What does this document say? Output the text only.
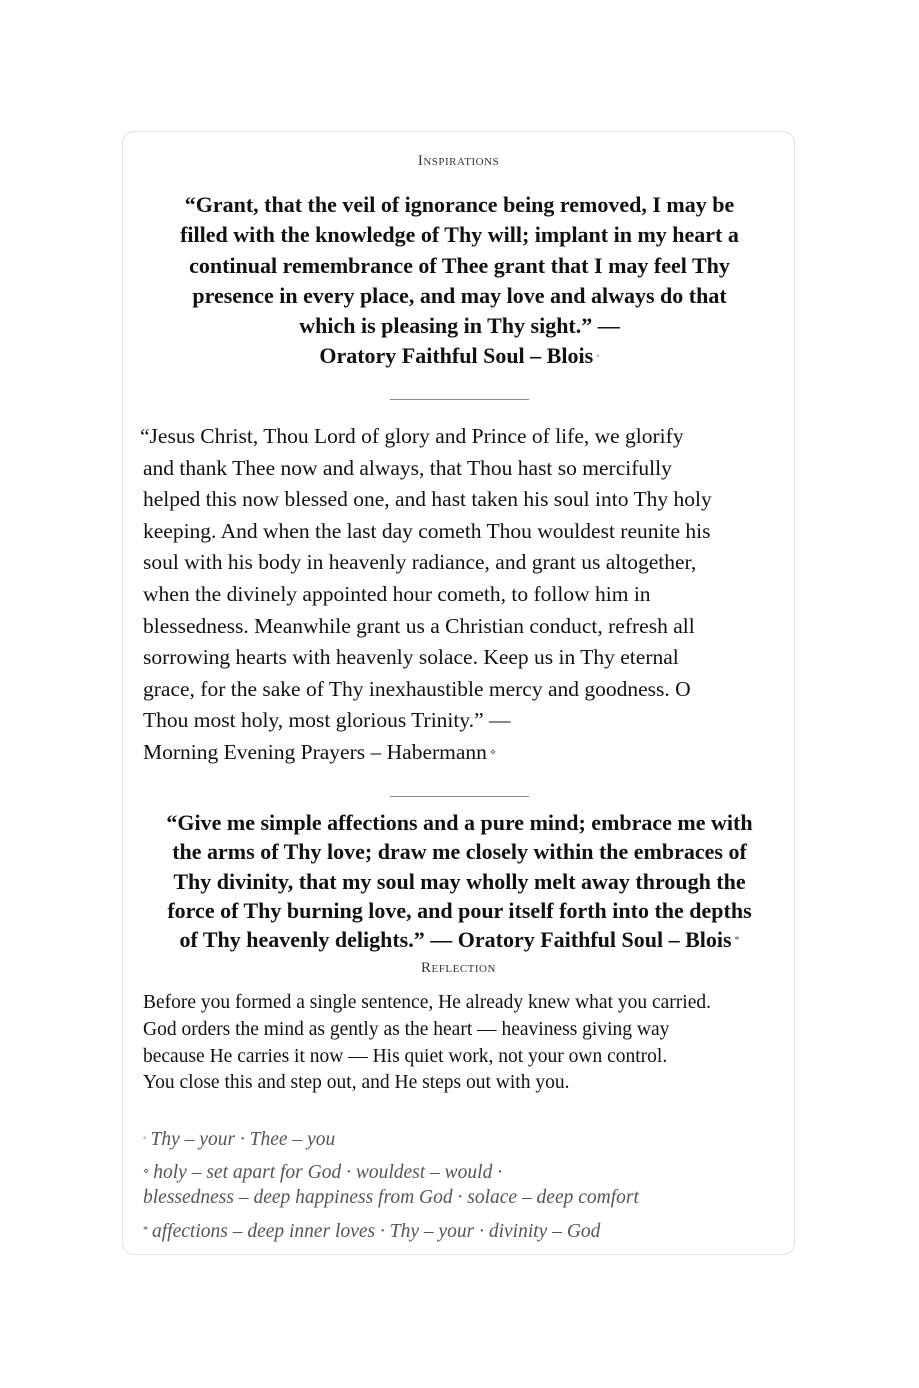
Inspirations
“Grant, that the veil of ignorance being removed, I may be
filled with the knowledge of Thy will; implant in my heart a
continual remembrance of Thee grant that I may feel Thy
presence in every place, and may love and always do that
which is pleasing in Thy sight.” —
Oratory Faithful Soul – Blois ◦
“Jesus Christ, Thou Lord of glory and Prince of life, we glorify
and thank Thee now and always, that Thou hast so mercifully
helped this now blessed one, and hast taken his soul into Thy holy
keeping. And when the last day cometh Thou wouldest reunite his
soul with his body in heavenly radiance, and grant us altogether,
when the divinely appointed hour cometh, to follow him in
blessedness. Meanwhile grant us a Christian conduct, refresh all
sorrowing hearts with heavenly solace. Keep us in Thy eternal
grace, for the sake of Thy inexhaustible mercy and goodness. O
Thou most holy, most glorious Trinity.” —
Morning Evening Prayers – Habermann ⋄
“Give me simple affections and a pure mind; embrace me with
the arms of Thy love; draw me closely within the embraces of
Thy divinity, that my soul may wholly melt away through the
force of Thy burning love, and pour itself forth into the depths
of Thy heavenly delights.” — Oratory Faithful Soul – Blois *
Reflection
Before you formed a single sentence, He already knew what you carried.
God orders the mind as gently as the heart — heaviness giving way
because He carries it now — His quiet work, not your own control.
You close this and step out, and He steps out with you.
◦ Thy – your · Thee – you
⋄ holy – set apart for God · wouldest – would ·
blessedness – deep happiness from God · solace – deep comfort
* affections – deep inner loves · Thy – your · divinity – God
